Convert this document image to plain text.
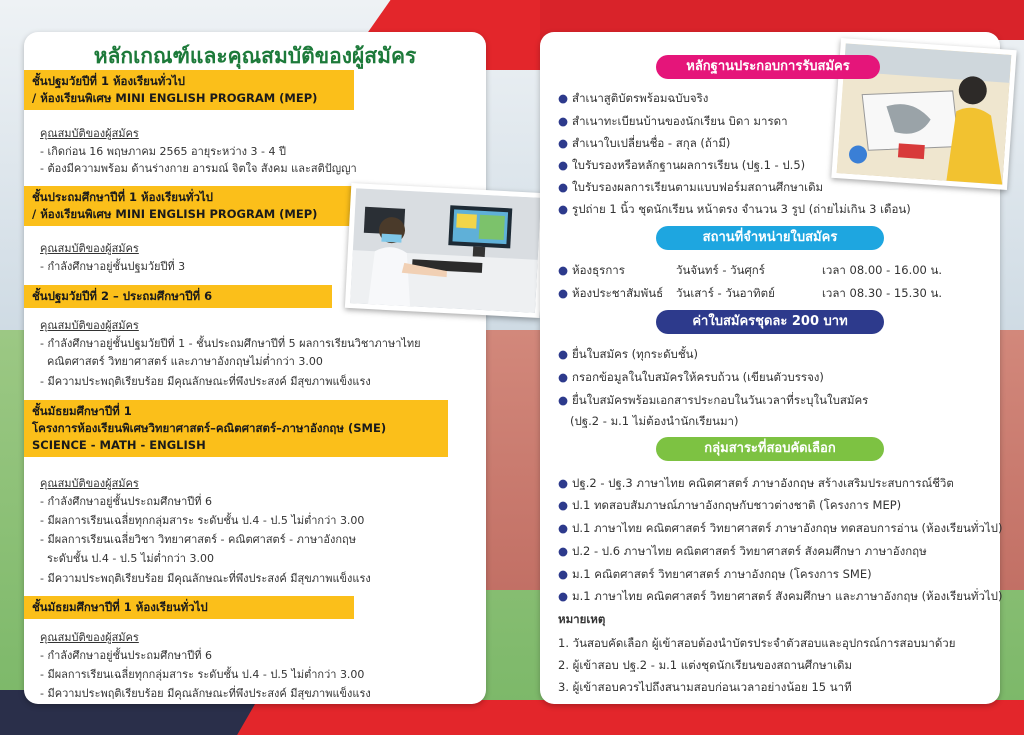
หลักเกณฑ์และคุณสมบัติของผู้สมัคร
ชั้นปฐมวัยปีที่ 1 ห้องเรียนทั่วไป
/ ห้องเรียนพิเศษ MINI ENGLISH PROGRAM (MEP)
คุณสมบัติของผู้สมัคร
- เกิดก่อน 16 พฤษภาคม 2565 อายุระหว่าง 3 - 4 ปี
- ต้องมีความพร้อม ด้านร่างกาย อารมณ์ จิตใจ สังคม และสติปัญญา
ชั้นประถมศึกษาปีที่ 1 ห้องเรียนทั่วไป
/ ห้องเรียนพิเศษ MINI ENGLISH PROGRAM (MEP)
คุณสมบัติของผู้สมัคร
- กำลังศึกษาอยู่ชั้นปฐมวัยปีที่ 3
ชั้นปฐมวัยปีที่ 2 – ประถมศึกษาปีที่ 6
คุณสมบัติของผู้สมัคร
- กำลังศึกษาอยู่ชั้นปฐมวัยปีที่ 1 - ชั้นประถมศึกษาปีที่ 5 ผลการเรียนวิชาภาษาไทย
คณิตศาสตร์ วิทยาศาสตร์ และภาษาอังกฤษไม่ต่ำกว่า 3.00
- มีความประพฤติเรียบร้อย มีคุณลักษณะที่พึงประสงค์ มีสุขภาพแข็งแรง
ชั้นมัธยมศึกษาปีที่ 1
โครงการห้องเรียนพิเศษวิทยาศาสตร์–คณิตศาสตร์–ภาษาอังกฤษ (SME)
SCIENCE - MATH - ENGLISH
คุณสมบัติของผู้สมัคร
- กำลังศึกษาอยู่ชั้นประถมศึกษาปีที่ 6
- มีผลการเรียนเฉลี่ยทุกกลุ่มสาระ ระดับชั้น ป.4 - ป.5 ไม่ต่ำกว่า 3.00
- มีผลการเรียนเฉลี่ยวิชา วิทยาศาสตร์ - คณิตศาสตร์ - ภาษาอังกฤษ
ระดับชั้น ป.4 - ป.5 ไม่ต่ำกว่า 3.00
- มีความประพฤติเรียบร้อย มีคุณลักษณะที่พึงประสงค์ มีสุขภาพแข็งแรง
ชั้นมัธยมศึกษาปีที่ 1 ห้องเรียนทั่วไป
คุณสมบัติของผู้สมัคร
- กำลังศึกษาอยู่ชั้นประถมศึกษาปีที่ 6
- มีผลการเรียนเฉลี่ยทุกกลุ่มสาระ ระดับชั้น ป.4 - ป.5 ไม่ต่ำกว่า 3.00
- มีความประพฤติเรียบร้อย มีคุณลักษณะที่พึงประสงค์ มีสุขภาพแข็งแรง
หลักฐานประกอบการรับสมัคร
● สำเนาสูติบัตรพร้อมฉบับจริง
● สำเนาทะเบียนบ้านของนักเรียน บิดา มารดา
● สำเนาใบเปลี่ยนชื่อ - สกุล (ถ้ามี)
● ใบรับรองหรือหลักฐานผลการเรียน (ปฐ.1 - ป.5)
● ใบรับรองผลการเรียนตามแบบฟอร์มสถานศึกษาเดิม
● รูปถ่าย 1 นิ้ว ชุดนักเรียน หน้าตรง จำนวน 3 รูป (ถ่ายไม่เกิน 3 เดือน)
สถานที่จำหน่ายใบสมัคร
● ห้องธุรการ	วันจันทร์ - วันศุกร์	เวลา 08.00 - 16.00 น.
● ห้องประชาสัมพันธ์ วันเสาร์ - วันอาทิตย์	เวลา 08.30 - 15.30 น.
ค่าใบสมัครชุดละ 200 บาท
● ยื่นใบสมัคร (ทุกระดับชั้น)
● กรอกข้อมูลในใบสมัครให้ครบถ้วน (เขียนตัวบรรจง)
● ยื่นใบสมัครพร้อมเอกสารประกอบในวันเวลาที่ระบุในใบสมัคร
(ปฐ.2 - ม.1 ไม่ต้องนำนักเรียนมา)
กลุ่มสาระที่สอบคัดเลือก
● ปฐ.2 - ปฐ.3 ภาษาไทย คณิตศาสตร์ ภาษาอังกฤษ สร้างเสริมประสบการณ์ชีวิต
● ป.1 ทดสอบสัมภาษณ์ภาษาอังกฤษกับชาวต่างชาติ (โครงการ MEP)
● ป.1 ภาษาไทย คณิตศาสตร์ วิทยาศาสตร์ ภาษาอังกฤษ ทดสอบการอ่าน (ห้องเรียนทั่วไป)
● ป.2 - ป.6 ภาษาไทย คณิตศาสตร์ วิทยาศาสตร์ สังคมศึกษา ภาษาอังกฤษ
● ม.1 คณิตศาสตร์ วิทยาศาสตร์ ภาษาอังกฤษ (โครงการ SME)
● ม.1 ภาษาไทย คณิตศาสตร์ วิทยาศาสตร์ สังคมศึกษา และภาษาอังกฤษ (ห้องเรียนทั่วไป)
หมายเหตุ
1. วันสอบคัดเลือก ผู้เข้าสอบต้องนำบัตรประจำตัวสอบและอุปกรณ์การสอบมาด้วย
2. ผู้เข้าสอบ ปฐ.2 - ม.1 แต่งชุดนักเรียนของสถานศึกษาเดิม
3. ผู้เข้าสอบควรไปถึงสนามสอบก่อนเวลาอย่างน้อย 15 นาที
